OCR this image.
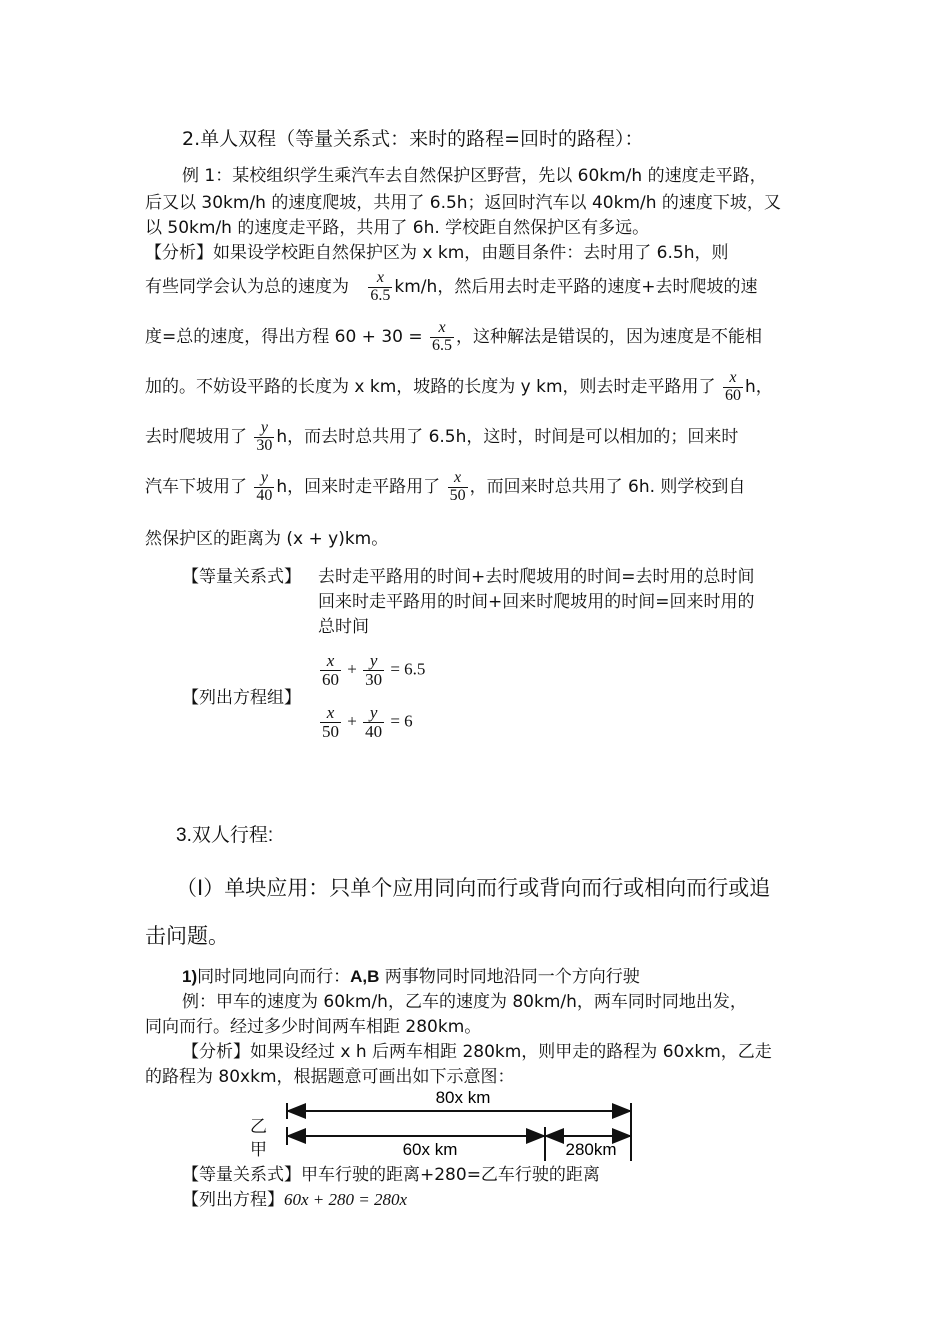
2.单人双程（等量关系式：来时的路程=回时的路程）：
例 1：某校组织学生乘汽车去自然保护区野营，先以 60km/h 的速度走平路，
后又以 30km/h 的速度爬坡，共用了 6.5h；返回时汽车以 40km/h 的速度下坡，又
以 50km/h 的速度走平路，共用了 6h. 学校距自然保护区有多远。
【分析】如果设学校距自然保护区为 x km，由题目条件：去时用了 6.5h，则
有些同学会认为总的速度为 $\frac{x}{6.5} km/h$，然后用去时走平路的速度+去时爬坡的速
度=总的速度，得出方程 $60 + 30 = \frac{x}{6.5}$ ，这种解法是错误的，因为速度是不能相
加的。不妨设平路的长度为 x km，坡路的长度为 y km，则去时走平路用了 $\frac{x}{60}$ h，
去时爬坡用了 $\frac{y}{30}$ h，而去时总共用了 6.5h，这时，时间是可以相加的；回来时
汽车下坡用了 $\frac{y}{40}$ h，回来时走平路用了 $\frac{x}{50}$ ，而回来时总共用了 6h. 则学校到自
然保护区的距离为 (x + y)km。
【等量关系式】 去时走平路用的时间+去时爬坡用的时间=去时用的总时间
回来时走平路用的时间+回来时爬坡用的时间=回来时用的
总时间
【列出方程组】
$\frac{x}{60} + \frac{y}{30} = 6.5$
$\frac{x}{50} + \frac{y}{40} = 6$
3.双人行程:
（Ⅰ）单块应用：只单个应用同向而行或背向而行或相向而行或追
击问题。
1)同时同地同向而行：A,B 两事物同时同地沿同一个方向行驶
例：甲车的速度为 60km/h，乙车的速度为 80km/h，两车同时同地出发，
同向而行。经过多少时间两车相距 280km。
【分析】如果设经过 x h 后两车相距 280km，则甲走的路程为 60xkm，乙走
的路程为 80xkm，根据题意可画出如下示意图：
乙
甲
80x km
60x km	280km
【等量关系式】甲车行驶的距离+280=乙车行驶的距离
【列出方程】60x + 280 = 280x
